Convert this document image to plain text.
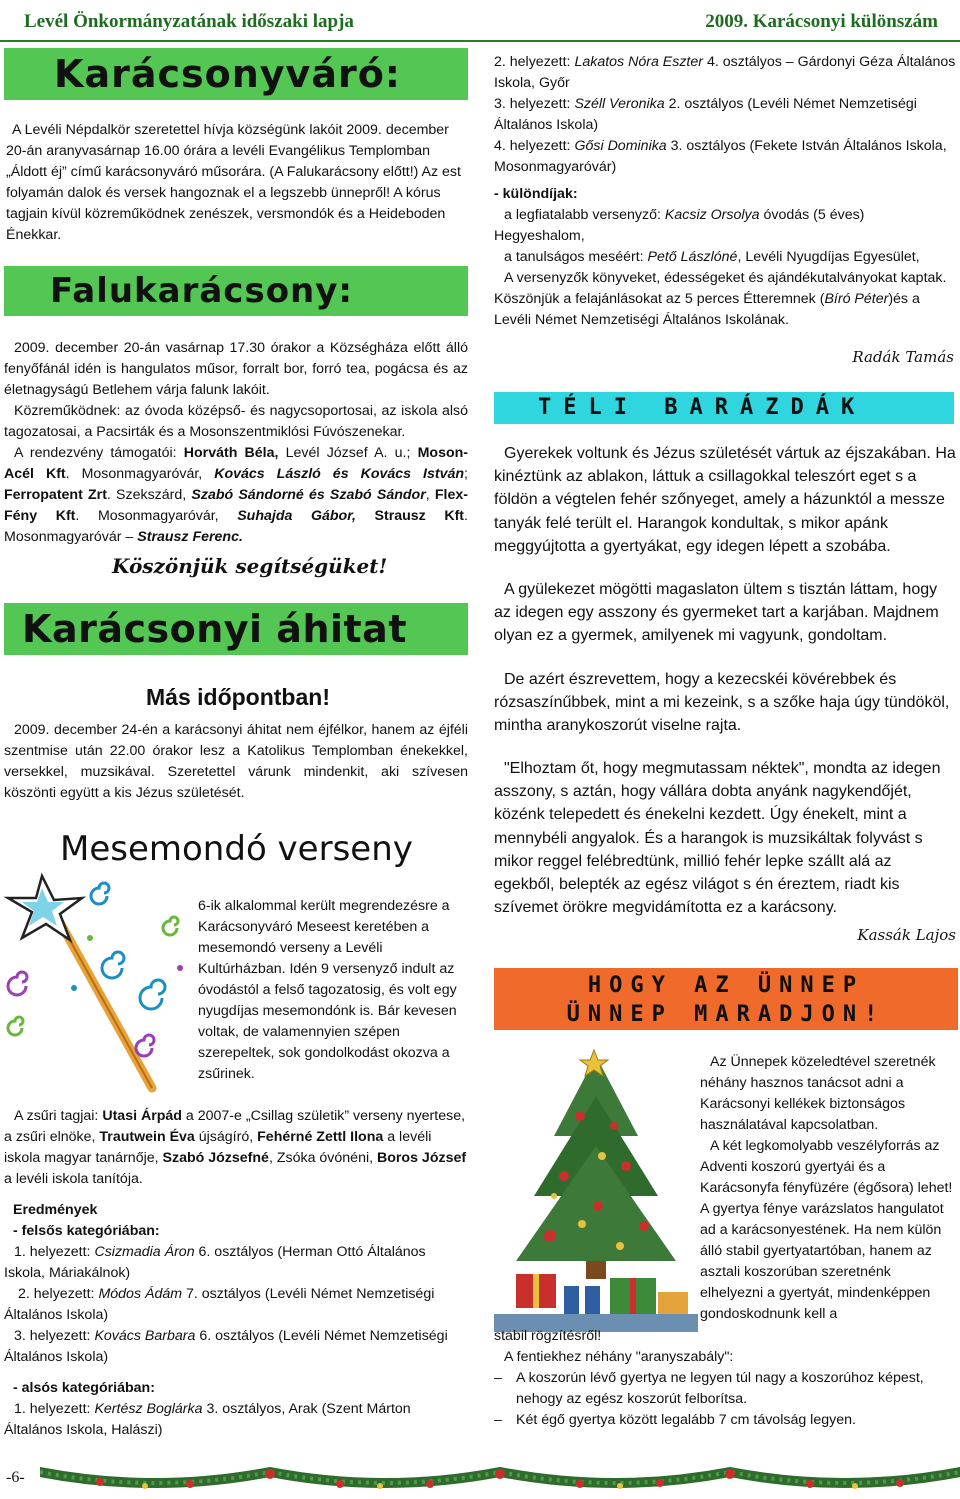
Levél Önkormányzatának időszaki lapja	2009. Karácsonyi különszám
Karácsonyváró:
A Levéli Népdalkör szeretettel hívja községünk lakóit 2009. december 20-án aranyvasárnap 16.00 órára a levéli Evangélikus Templomban „Áldott éj” című karácsonyváró műsorára. (A Falukarácsony előtt!) Az est folyamán dalok és versek hangoznak el a legszebb ünnepről! A kórus tagjain kívül közreműködnek zenészek, versmondók és a Heideboden Énekkar.
Falukarácsony:

2009. december 20-án vasárnap 17.30 órakor a Községháza előtt álló fenyőfánál idén is hangulatos műsor, forralt bor, forró tea, pogácsa és az életnagyságú Betlehem várja falunk lakóit.

Közreműködnek: az óvoda középső- és nagycsoportosai, az iskola alsó tagozatosai, a Pacsirták és a Mosonszentmiklósi Fúvószenekar.

A rendezvény támogatói: Horváth Béla, Levél József A. u.; Moson-Acél Kft. Mosonmagyaróvár, Kovács László és Kovács István; Ferropatent Zrt. Szekszárd, Szabó Sándorné és Szabó Sándor, Flex-Fény Kft. Mosonmagyaróvár, Suhajda Gábor, Strausz Kft. Mosonmagyaróvár – Strausz Ferenc.

Köszönjük segítségüket!
Karácsonyi áhitat
Más időpontban!
2009. december 24-én a karácsonyi áhitat nem éjfélkor, hanem az éjféli szentmise után 22.00 órakor lesz a Katolikus Templomban énekekkel, versekkel, muzsikával. Szeretettel várunk mindenkit, aki szívesen köszönti együtt a kis Jézus születését.
Mesemondó verseny
6-ik alkalommal került megrendezésre a Karácsonyváró Meseest keretében a mesemondó verseny a Levéli Kultúrházban. Idén 9 versenyző indult az óvodástól a felső tagozatosig, és volt egy nyugdíjas mesemondónk is. Bár kevesen voltak, de valamennyien szépen szerepeltek, sok gondolkodást okozva a zsűrinek.

A zsűri tagjai: Utasi Árpád a 2007-e „Csillag születik” verseny nyertese, a zsűri elnöke, Trautwein Éva újságíró, Fehérné Zettl Ilona a levéli iskola magyar tanárnője, Szabó Józsefné, Zsóka óvónéni, Boros József a levéli iskola tanítója.

Eredmények

- felsős kategóriában:

1. helyezett: Csizmadia Áron 6. osztályos (Herman Ottó Általános Iskola, Máriakálnok)

2. helyezett: Módos Ádám 7. osztályos (Levéli Német Nemzetiségi Általános Iskola)

3. helyezett: Kovács Barbara 6. osztályos (Levéli Német Nemzetiségi Általános Iskola)

- alsós kategóriában:

1. helyezett: Kertész Boglárka 3. osztályos, Arak (Szent Márton Általános Iskola, Halászi)

2. helyezett: Lakatos Nóra Eszter 4. osztályos – Gárdonyi Géza Általános Iskola, Győr

3. helyezett: Széll Veronika 2. osztályos (Levéli Német Nemzetiségi Általános Iskola)

4. helyezett: Gősi Dominika 3. osztályos (Fekete István Általános Iskola, Mosonmagyaróvár)

- különdíjak:

a legfiatalabb versenyző: Kacsiz Orsolya óvodás (5 éves) Hegyeshalom,

a tanulságos meséért: Pető Lászlóné, Levéli Nyugdíjas Egyesület,

A versenyzők könyveket, édességeket és ajándékutalványokat kaptak. Köszönjük a felajánlásokat az 5 perces Étteremnek (Bíró Péter)és a Levéli Német Nemzetiségi Általános Iskolának.

Radák Tamás
TÉLI BARÁZDÁK

Gyerekek voltunk és Jézus születését vártuk az éjszakában. Ha kinéztünk az ablakon, láttuk a csillagokkal teleszórt eget s a földön a végtelen fehér szőnyeget, amely a házunktól a messze tanyák felé terült el. Harangok kondultak, s mikor apánk meggyújtotta a gyertyákat, egy idegen lépett a szobába.

A gyülekezet mögötti magaslaton ültem s tisztán láttam, hogy az idegen egy asszony és gyermeket tart a karjában. Majdnem olyan ez a gyermek, amilyenek mi vagyunk, gondoltam.

De azért észrevettem, hogy a kezecskéi kövérebbek és rózsaszínűbbek, mint a mi kezeink, s a szőke haja úgy tündököl, mintha aranykoszorút viselne rajta.

"Elhoztam őt, hogy megmutassam néktek", mondta az idegen asszony, s aztán, hogy vállára dobta anyánk nagykendőjét, közénk telepedett és énekelni kezdett. Úgy énekelt, mint a mennybéli angyalok. És a harangok is muzsikáltak folyvást s mikor reggel felébredtünk, millió fehér lepke szállt alá az egekből, belepték az egész világot s én éreztem, riadt kis szívemet örökre megvidámította ez a karácsony.

Kassák Lajos
HOGY AZ ÜNNEP
ÜNNEP MARADJON!

Az Ünnepek közeledtével szeretnék néhány hasznos tanácsot adni a Karácsonyi kellékek biztonságos használatával kapcsolatban.

A két legkomolyabb veszélyforrás az Adventi koszorú gyertyái és a Karácsonyfa fényfüzére (égősora) lehet! A gyertya fénye varázslatos hangulatot ad a karácsonyestének. Ha nem külön álló stabil gyertyatartóban, hanem az asztali koszorúban szeretnénk elhelyezni a gyertyát, mindenképpen gondoskodnunk kell a

stabil rögzítésről!

A fentiekhez néhány "aranyszabály":

– A koszorún lévő gyertya ne legyen túl nagy a koszorúhoz képest, nehogy az egész koszorút felborítsa.
– Két égő gyertya között legalább 7 cm távolság legyen.
-6-
